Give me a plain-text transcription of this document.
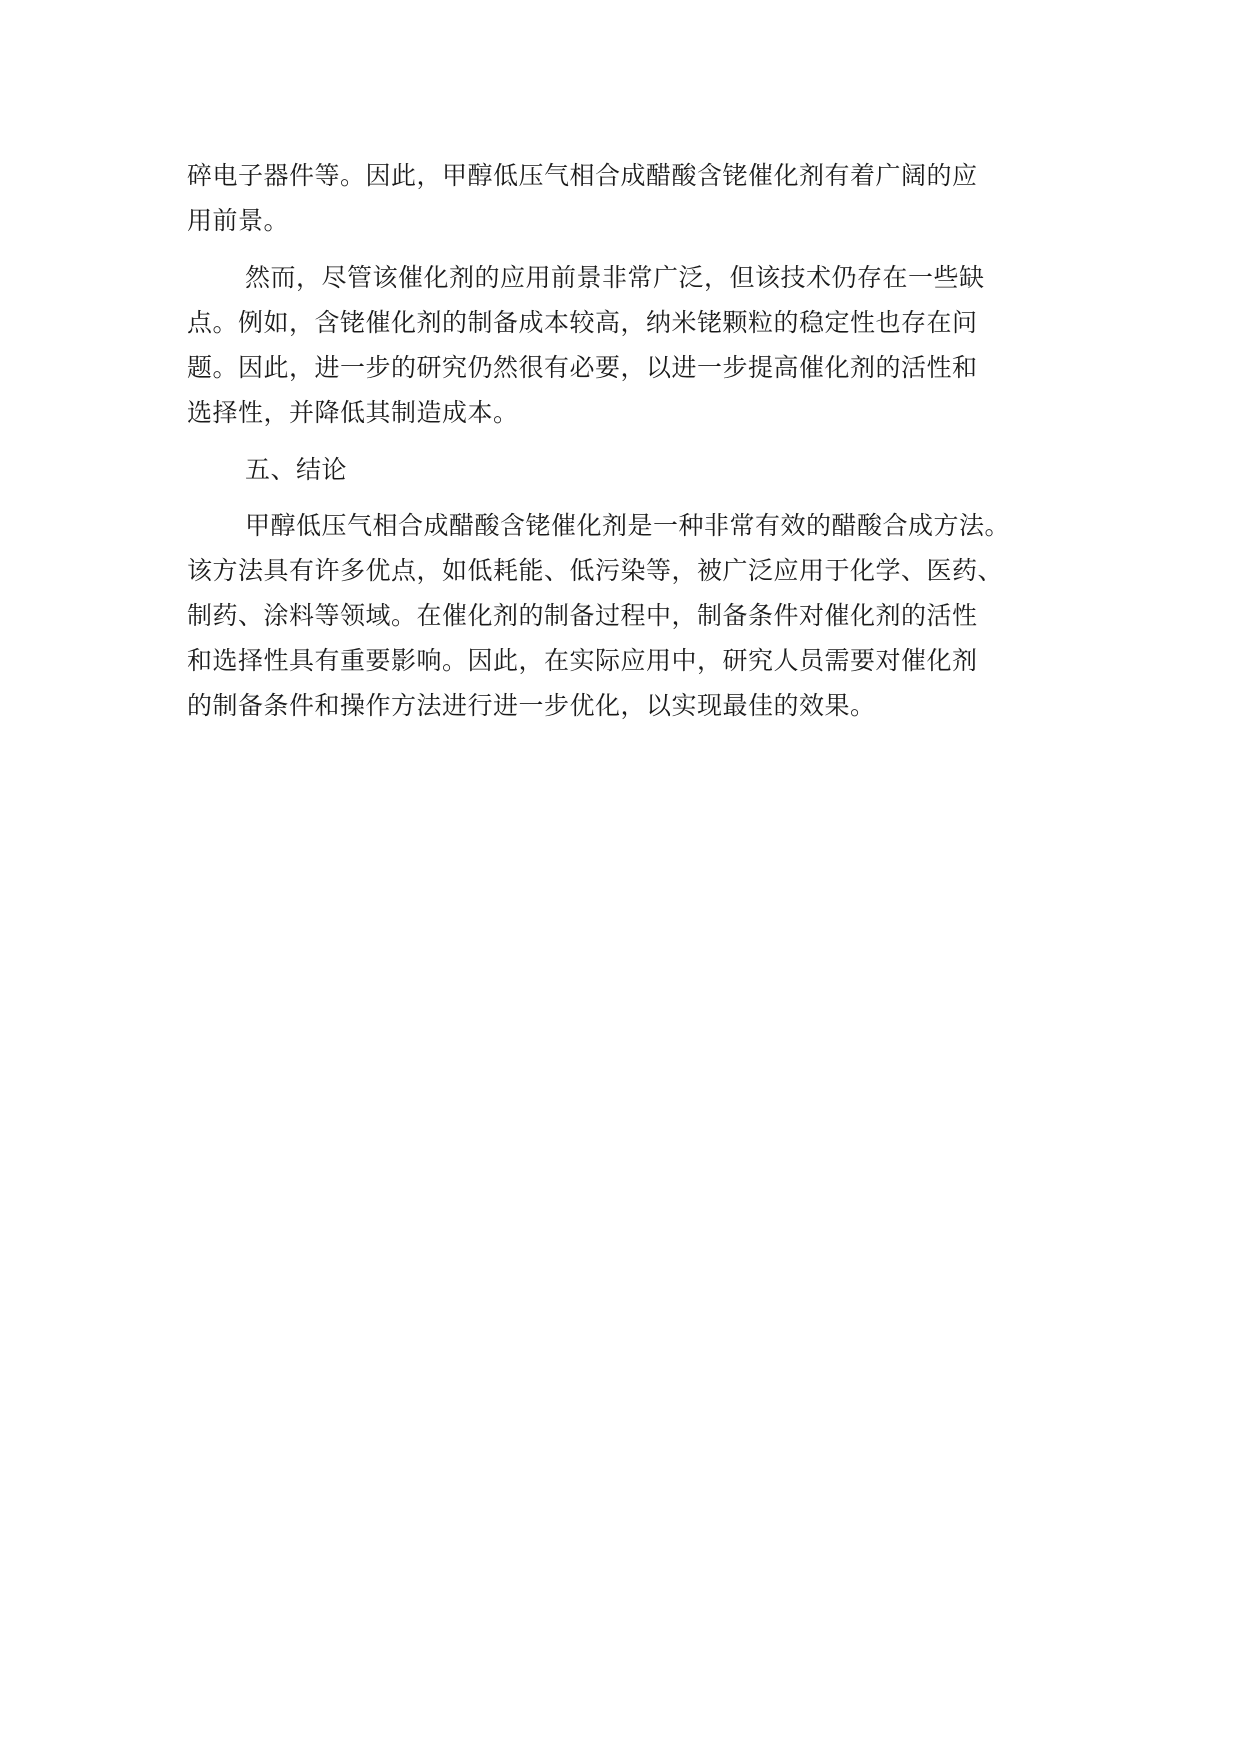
碎电子器件等。因此，甲醇低压气相合成醋酸含铑催化剂有着广阔的应
用前景。
然而，尽管该催化剂的应用前景非常广泛，但该技术仍存在一些缺
点。例如，含铑催化剂的制备成本较高，纳米铑颗粒的稳定性也存在问
题。因此，进一步的研究仍然很有必要，以进一步提高催化剂的活性和
选择性，并降低其制造成本。
五、结论
甲醇低压气相合成醋酸含铑催化剂是一种非常有效的醋酸合成方法。
该方法具有许多优点，如低耗能、低污染等，被广泛应用于化学、医药、
制药、涂料等领域。在催化剂的制备过程中，制备条件对催化剂的活性
和选择性具有重要影响。因此，在实际应用中，研究人员需要对催化剂
的制备条件和操作方法进行进一步优化，以实现最佳的效果。
